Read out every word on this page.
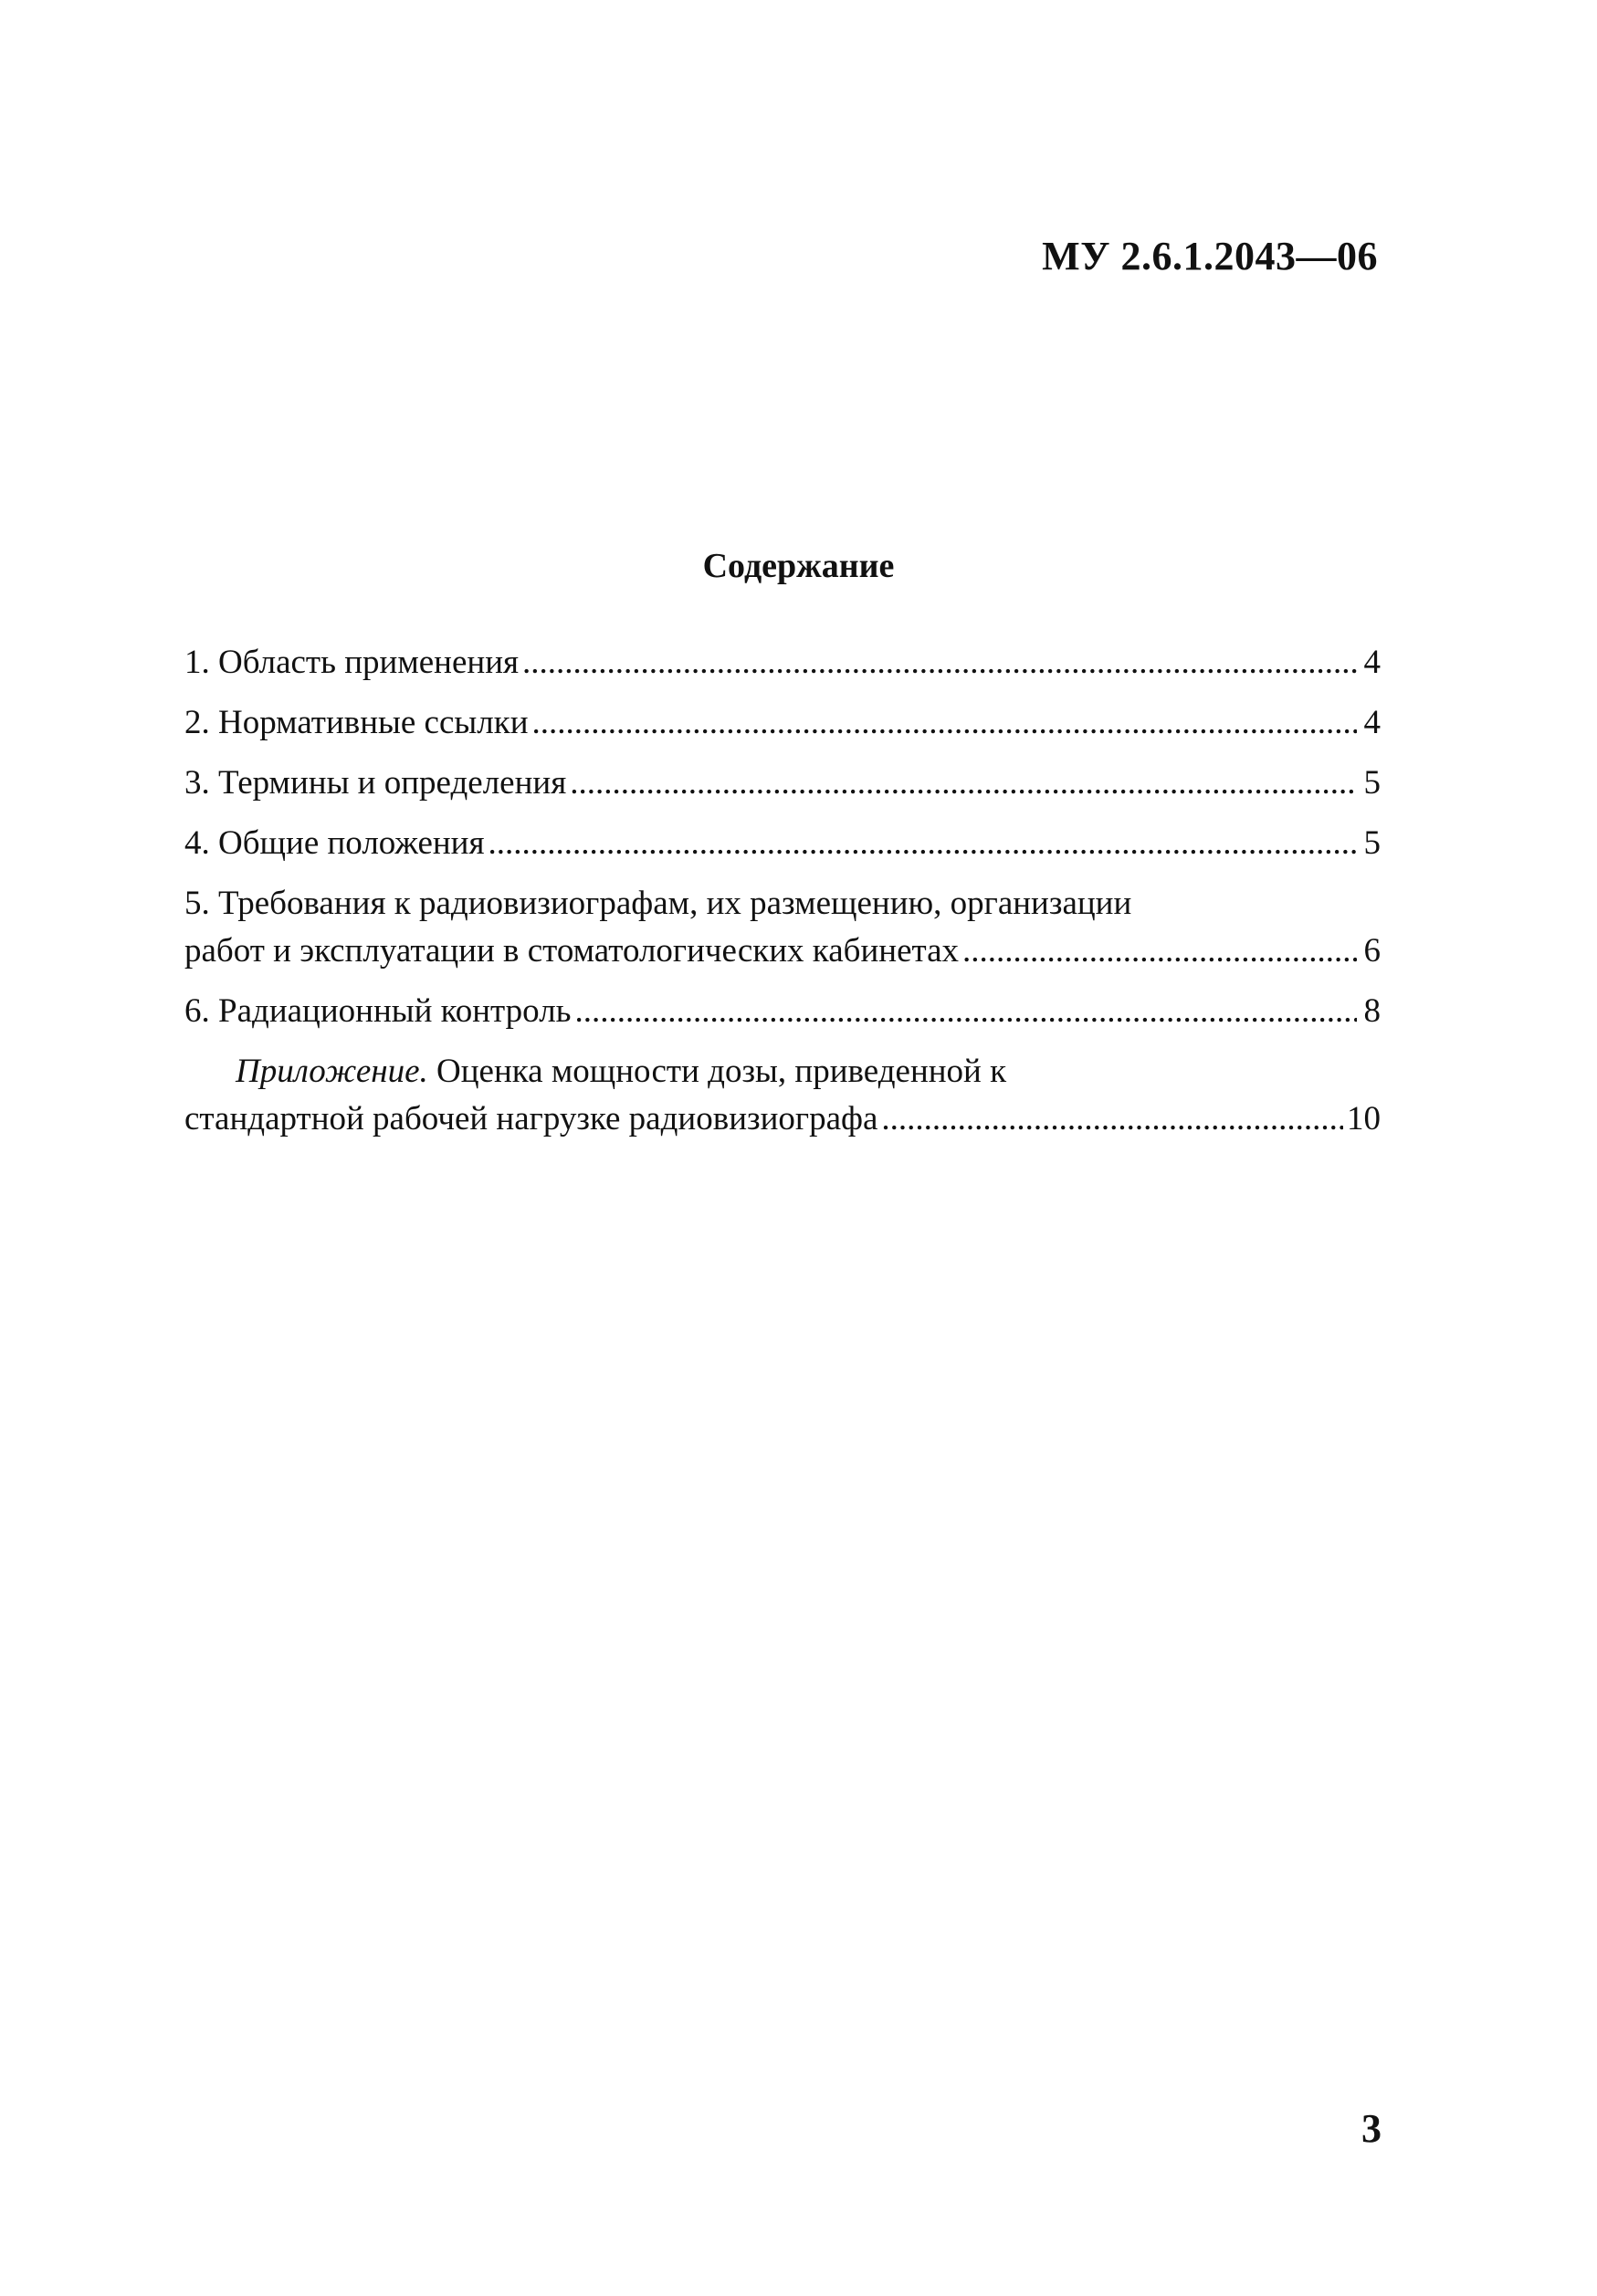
МУ 2.6.1.2043—06
Содержание
1. Область применения .....	4
2. Нормативные ссылки .....	4
3. Термины и определения .....	5
4. Общие положения .....	5
5. Требования к радиовизиографам, их размещению, организации
работ и эксплуатации в стоматологических кабинетах .....	6
6. Радиационный контроль .....	8
Приложение. Оценка мощности дозы, приведенной к
стандартной рабочей нагрузке радиовизиографа .....	10
3
